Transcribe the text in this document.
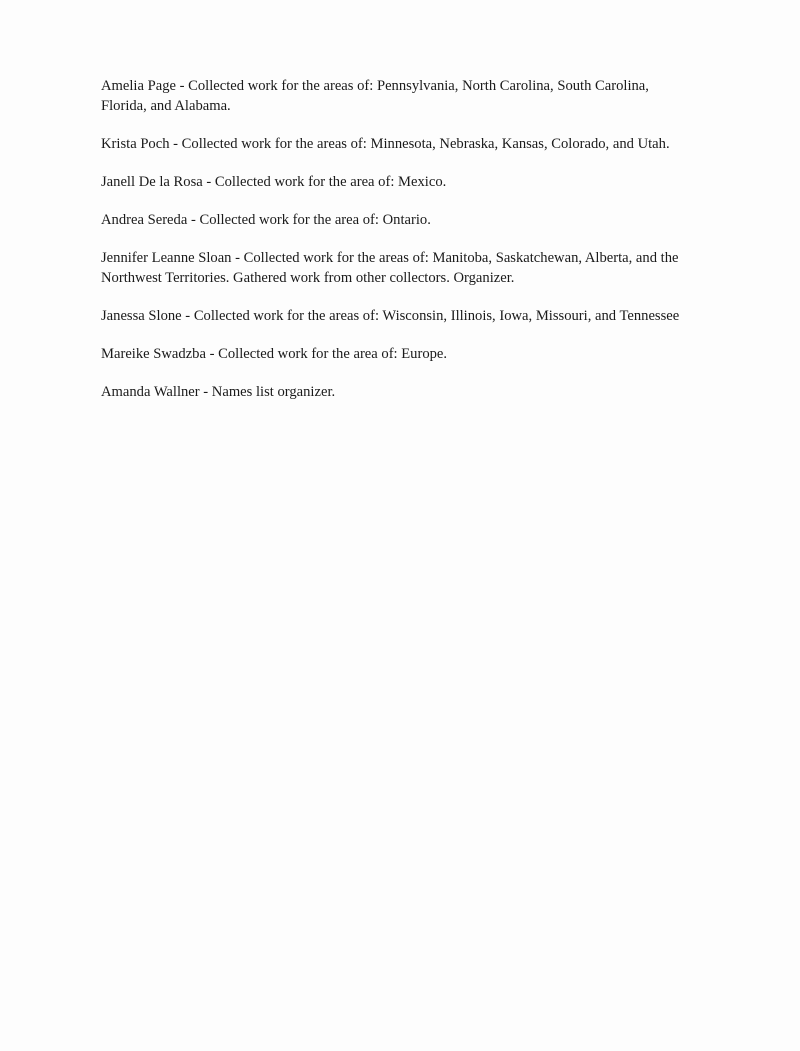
Amelia Page - Collected work for the areas of: Pennsylvania, North Carolina, South Carolina, Florida, and Alabama.

Krista Poch - Collected work for the areas of: Minnesota, Nebraska, Kansas, Colorado, and Utah.

Janell De la Rosa - Collected work for the area of: Mexico.

Andrea Sereda - Collected work for the area of: Ontario.

Jennifer Leanne Sloan - Collected work for the areas of: Manitoba, Saskatchewan, Alberta, and the Northwest Territories. Gathered work from other collectors. Organizer.

Janessa Slone - Collected work for the areas of: Wisconsin, Illinois, Iowa, Missouri, and Tennessee

Mareike Swadzba - Collected work for the area of: Europe.

Amanda Wallner - Names list organizer.
